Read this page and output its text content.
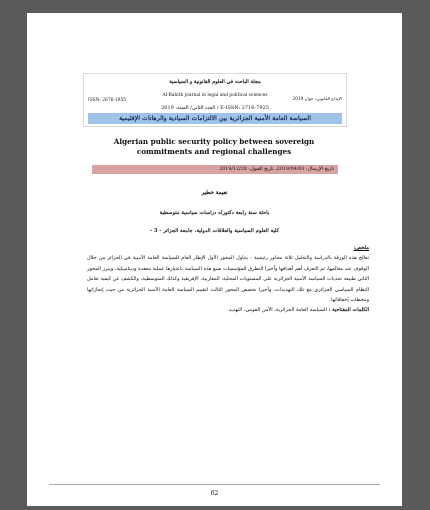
مجلة الباحث في العلوم القانونية و السياسية
Al-Bahith journal in legal and political sciences
ISSN: 2676-1955	الإيداع القانوني: جوان 2019
E-ISSN: 2716-7925 / العدد الثاني/ السنة: 2019
السياسة العامة الأمنية الجزائرية بين الالتزامات السيادية والرهانات الإقليمية
Algerian public security policy between sovereign commitments and regional challenges
تاريخ الإرسال: 2019/04/03، تاريخ القبول: 2019/12/28
نعيمة خطير
باحثة سنة رابعة دكتوراه دراسات سياسية متوسطية
كلية العلوم السياسية والعلاقات الدولية. جامعة الجزائر - 3 -

ملخص:

تعالج هذه الورقة بالدراسة والتحليل ثلاثة محاور رئيسية : يتناول المحور الأول الإطار العام للسياسة العامة الأمنية في الجزائر من خلال الوقوف عند معالمها، ثم التعرف أهم أهدافها وأخيرا التطرق للمؤسسات صنع هذه السياسة باعتبارها عملية معقدة وديناميكية، ويبرز المحور الثاني طبيعة تحديات السياسة الأمنية الجزائرية على المستويات المحلية، المغاربية، الإفريقية وكذلك المتوسطية، والكشف عن كيفية تعامل النظام السياسي الجزائري مع تلك التهديدات، وأخيرا نخصص المحور الثالث لتقييم السياسة العامة الأمنية الجزائرية من حيث إنجازاتها ومحطات إخفاقاتها.

الكلمات المفتاحية : السياسة العامة الجزائرية، الأمن القومي، التهديد.

62
